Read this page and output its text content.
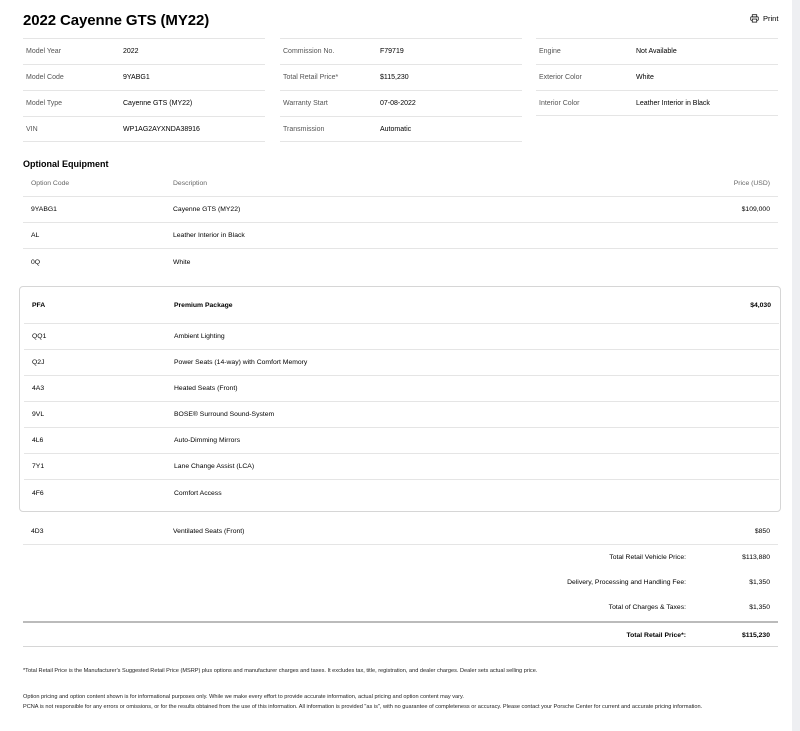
2022 Cayenne GTS (MY22)	Print
Model Year	2022
Model Code	9YABG1
Model Type	Cayenne GTS (MY22)
VIN	WP1AG2AYXNDA38916
Commission No.	F79719
Total Retail Price*	$115,230
Warranty Start	07-08-2022
Transmission	Automatic
Engine	Not Available
Exterior Color	White
Interior Color	Leather Interior in Black
Optional Equipment
Option Code	Description	Price (USD)
9YABG1	Cayenne GTS (MY22)	$109,000
AL	Leather Interior in Black
0Q	White
PFA	Premium Package	$4,030
QQ1	Ambient Lighting
Q2J	Power Seats (14-way) with Comfort Memory
4A3	Heated Seats (Front)
9VL	BOSE® Surround Sound-System
4L6	Auto-Dimming Mirrors
7Y1	Lane Change Assist (LCA)
4F6	Comfort Access
4D3	Ventilated Seats (Front)	$850
Total Retail Vehicle Price:	$113,880
Delivery, Processing and Handling Fee:	$1,350
Total of Charges & Taxes:	$1,350
Total Retail Price*:	$115,230
*Total Retail Price is the Manufacturer's Suggested Retail Price (MSRP) plus options and manufacturer charges and taxes. It excludes tax, title, registration, and dealer charges. Dealer sets actual selling price.
Option pricing and option content shown is for informational purposes only. While we make every effort to provide accurate information, actual pricing and option content may vary.
PCNA is not responsible for any errors or omissions, or for the results obtained from the use of this information. All information is provided "as is", with no guarantee of completeness or accuracy. Please contact your Porsche Center for current and accurate pricing information.
